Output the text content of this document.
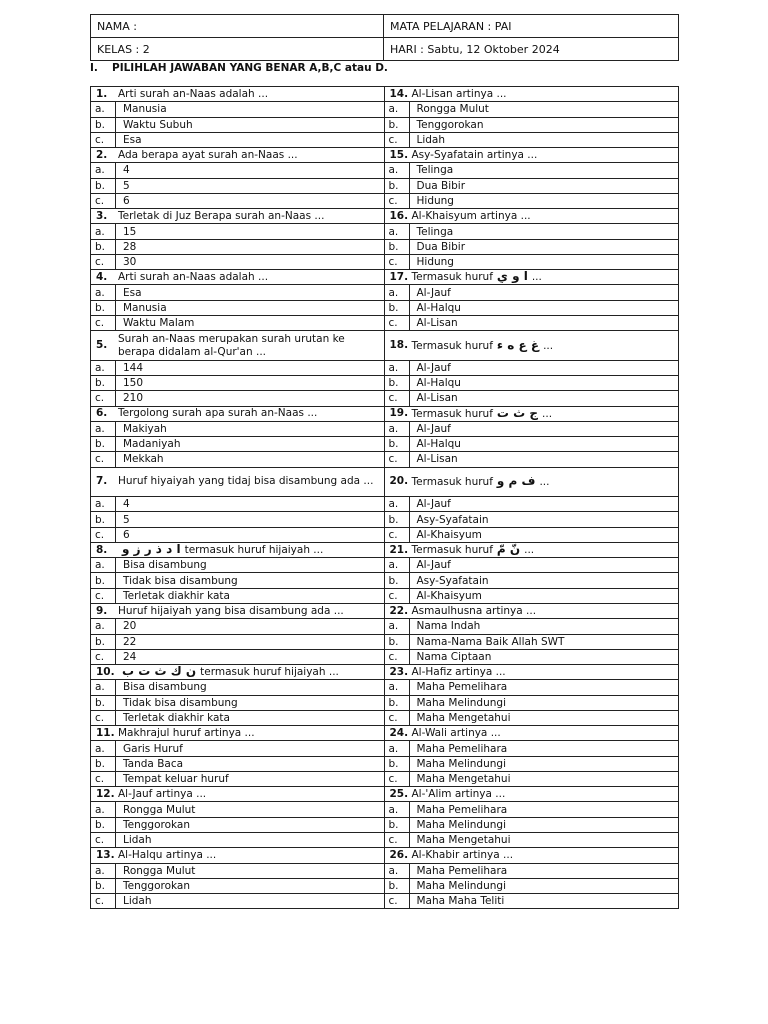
NAMA :	MATA PELAJARAN : PAI
KELAS : 2	HARI : Sabtu, 12 Oktober 2024
I. PILIHLAH JAWABAN YANG BENAR A,B,C atau D.
1.	Arti surah an-Naas adalah ...
a.	Manusia
b.	Waktu Subuh
c.	Esa
2.	Ada berapa ayat surah an-Naas ...
a.	4
b.	5
c.	6
3.	Terletak di Juz Berapa surah an-Naas ...
a.	15
b.	28
c.	30
4.	Arti surah an-Naas adalah ...
a.	Esa
b.	Manusia
c.	Waktu Malam
5.
Surah an-Naas merupakan surah urutan ke berapa didalam al-Qur'an ...
a.	144
b.	150
c.	210
6.	Tergolong surah apa surah an-Naas ...
a.	Makiyah
b.	Madaniyah
c.	Mekkah
7.	Huruf hiyaiyah yang tidaj bisa disambung ada ...
a.	4
b.	5
c.	6
8.	ا د ذ ر ز و termasuk huruf hijaiyah ...
a.	Bisa disambung
b.	Tidak bisa disambung
c.	Terletak diakhir kata
9.	Huruf hijaiyah yang bisa disambung ada ...
a.	20
b.	22
c.	24
10. ن ك ث ت ب termasuk huruf hijaiyah ...
a.	Bisa disambung
b.	Tidak bisa disambung
c.	Terletak diakhir kata
11. Makhrajul huruf artinya ...
a.	Garis Huruf
b.	Tanda Baca
c.	Tempat keluar huruf
12. Al-Jauf artinya ...
a.	Rongga Mulut
b.	Tenggorokan
c.	Lidah
13. Al-Halqu artinya ...
a.	Rongga Mulut
b.	Tenggorokan
c.	Lidah
14. Al-Lisan artinya ...
a.	Rongga Mulut
b.	Tenggorokan
c.	Lidah
15. Asy-Syafatain artinya ...
a.	Telinga
b.	Dua Bibir
c.	Hidung
16. Al-Khaisyum artinya ...
a.	Telinga
b.	Dua Bibir
c.	Hidung
17. Termasuk huruf ا و ي ...
a.	Al-Jauf
b.	Al-Halqu
c.	Al-Lisan
18. Termasuk huruf غ ع ه ء ...
a.	Al-Jauf
b.	Al-Halqu
c.	Al-Lisan
19. Termasuk huruf ج ث ت ...
a.	Al-Jauf
b.	Al-Halqu
c.	Al-Lisan
20. Termasuk huruf ف م و ...
a.	Al-Jauf
b.	Asy-Syafatain
c.	Al-Khaisyum
21. Termasuk huruf نّ مّ ...
a.	Al-Jauf
b.	Asy-Syafatain
c.	Al-Khaisyum
22. Asmaulhusna artinya ...
a.	Nama Indah
b.	Nama-Nama Baik Allah SWT
c.	Nama Ciptaan
23. Al-Hafiz artinya ...
a.	Maha Pemelihara
b.	Maha Melindungi
c.	Maha Mengetahui
24. Al-Wali artinya ...
a.	Maha Pemelihara
b.	Maha Melindungi
c.	Maha Mengetahui
25. Al-'Alim artinya ...
a.	Maha Pemelihara
b.	Maha Melindungi
c.	Maha Mengetahui
26. Al-Khabir artinya ...
a.	Maha Pemelihara
b.	Maha Melindungi
c.	Maha Maha Teliti
